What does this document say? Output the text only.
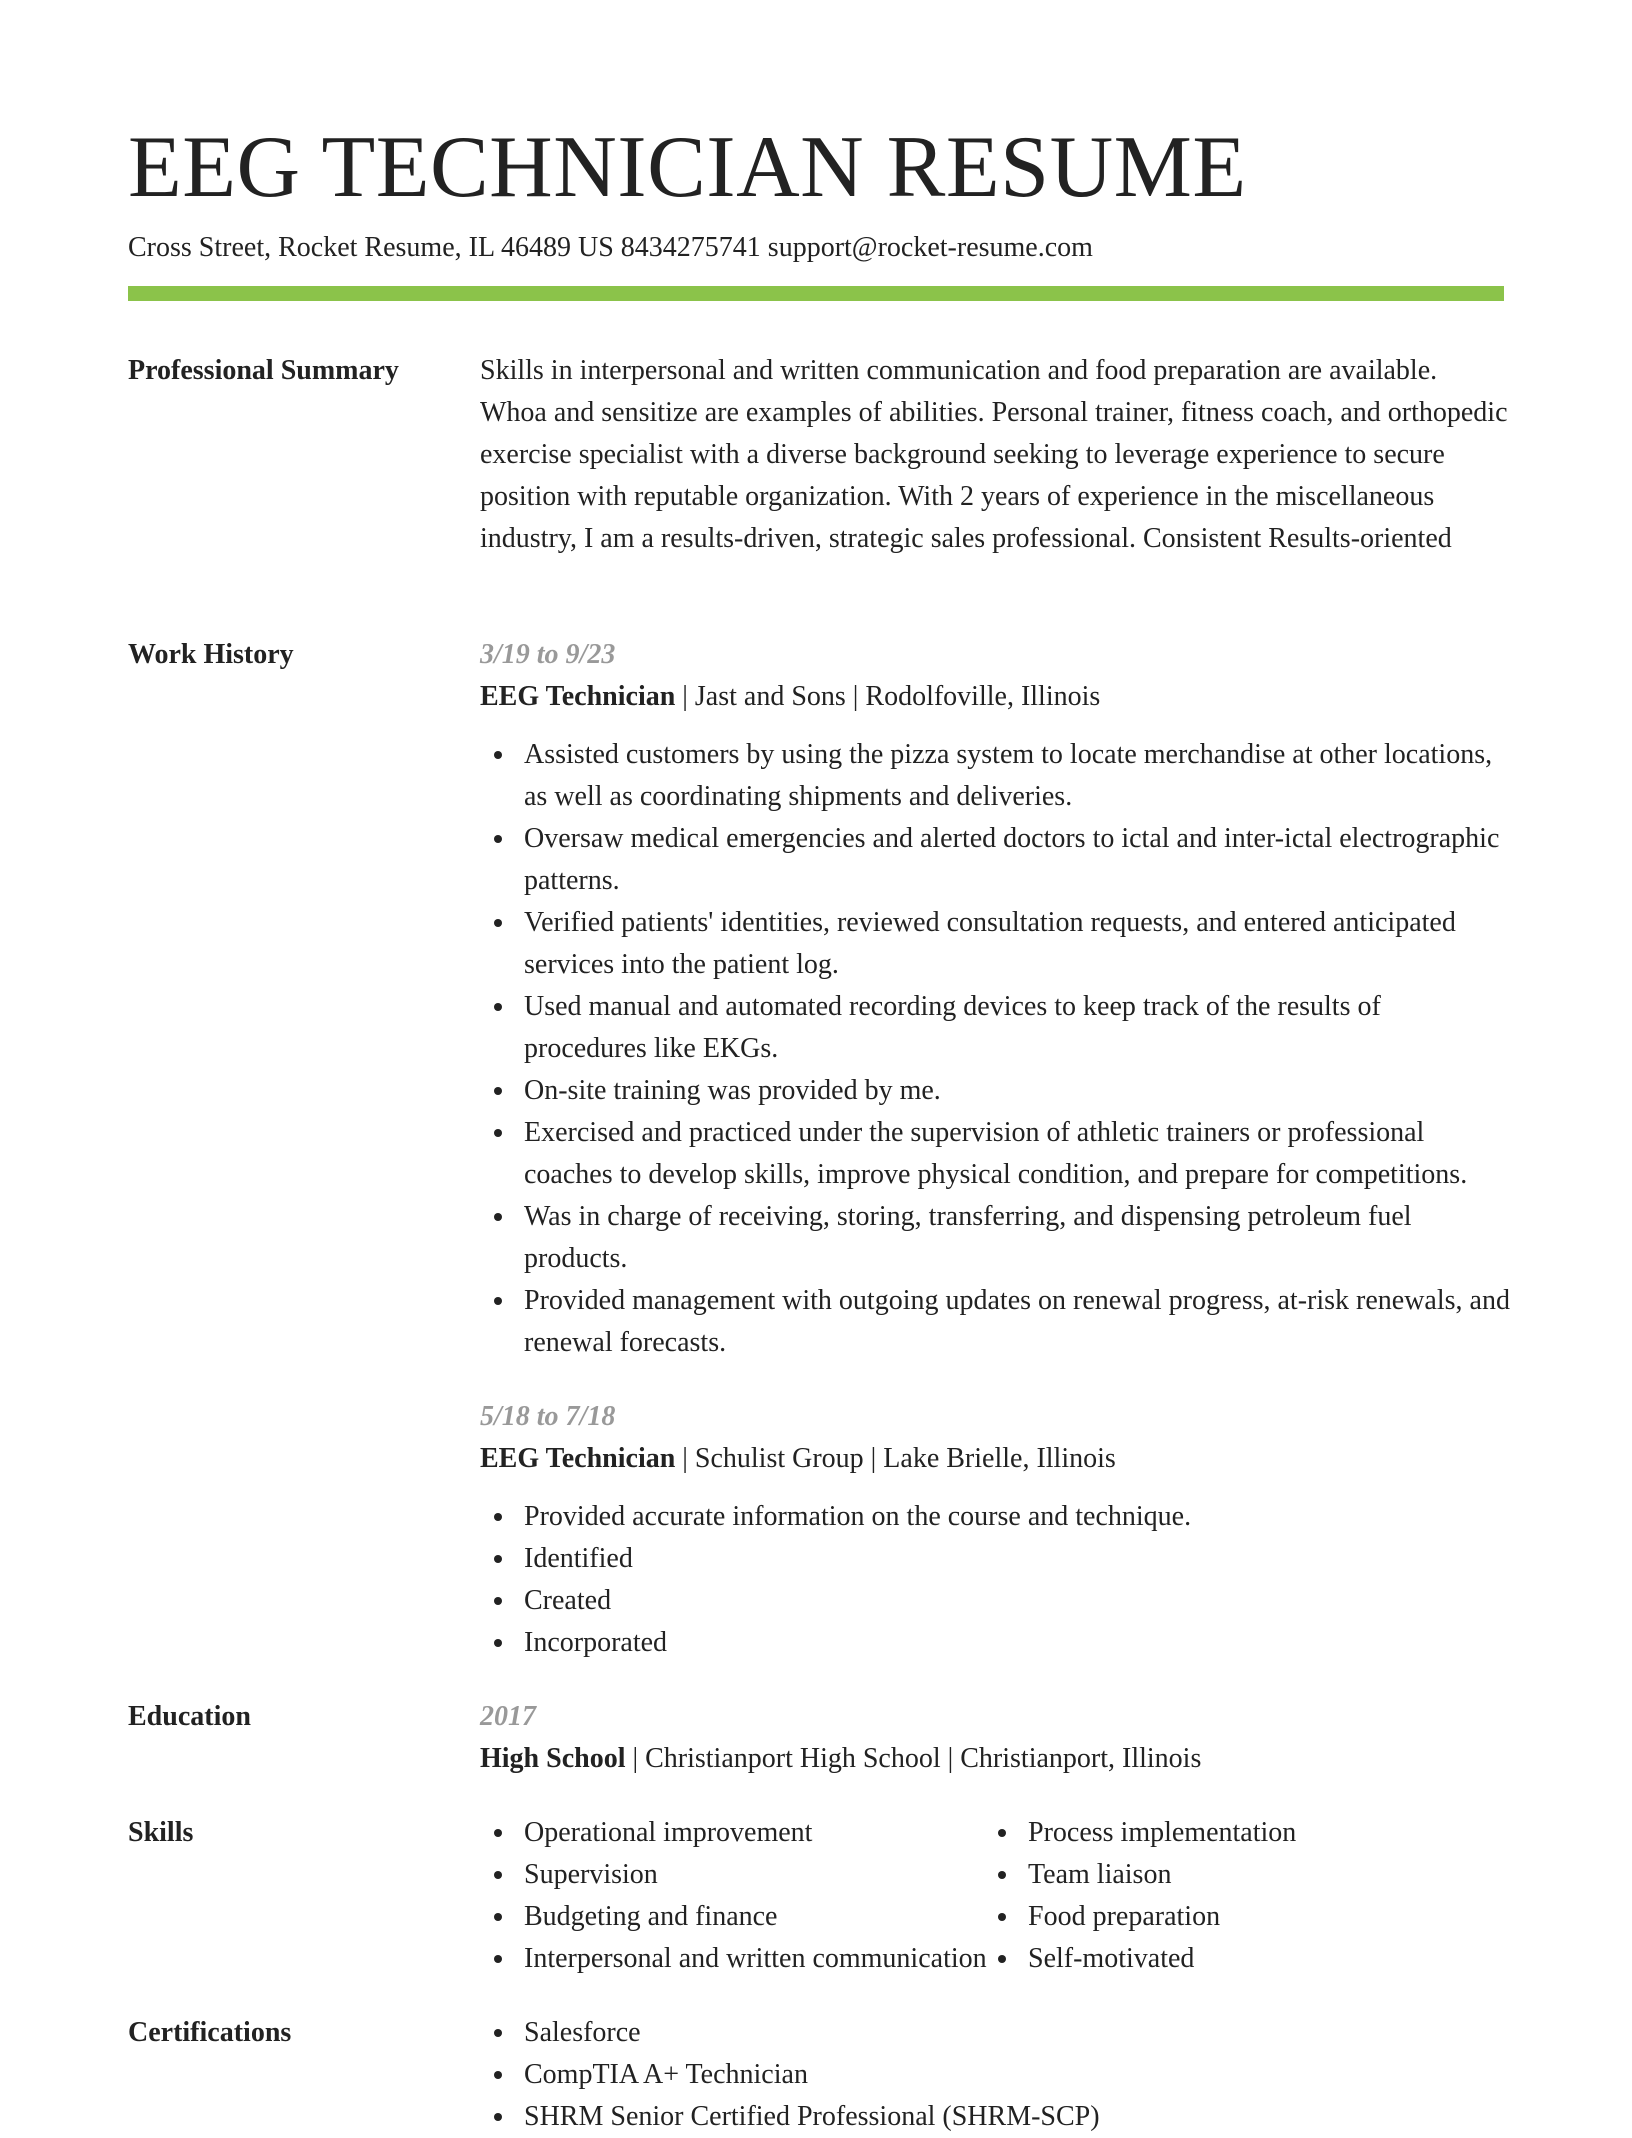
EEG TECHNICIAN RESUME
Cross Street, Rocket Resume, IL 46489 US 8434275741 support@rocket-resume.com
Professional Summary	Skills in interpersonal and written communication and food preparation are available. Whoa and sensitize are examples of abilities. Personal trainer, fitness coach, and orthopedic exercise specialist with a diverse background seeking to leverage experience to secure position with reputable organization. With 2 years of experience in the miscellaneous industry, I am a results-driven, strategic sales professional. Consistent Results-oriented

Work History	3/19 to 9/23
EEG Technician | Jast and Sons | Rodolfoville, Illinois
Assisted customers by using the pizza system to locate merchandise at other locations, as well as coordinating shipments and deliveries.
Oversaw medical emergencies and alerted doctors to ictal and inter-ictal electrographic patterns.
Verified patients' identities, reviewed consultation requests, and entered anticipated services into the patient log.
Used manual and automated recording devices to keep track of the results of procedures like EKGs.
On-site training was provided by me.
Exercised and practiced under the supervision of athletic trainers or professional coaches to develop skills, improve physical condition, and prepare for competitions.
Was in charge of receiving, storing, transferring, and dispensing petroleum fuel products.
Provided management with outgoing updates on renewal progress, at-risk renewals, and renewal forecasts.
5/18 to 7/18
EEG Technician | Schulist Group | Lake Brielle, Illinois
Provided accurate information on the course and technique.
Identified
Created
Incorporated
Education	2017
High School | Christianport High School | Christianport, Illinois
Skills	Operational improvement
Supervision
Budgeting and finance
Interpersonal and written communication
Process implementation
Team liaison
Food preparation
Self-motivated
Certifications	Salesforce
CompTIA A+ Technician
SHRM Senior Certified Professional (SHRM-SCP)
